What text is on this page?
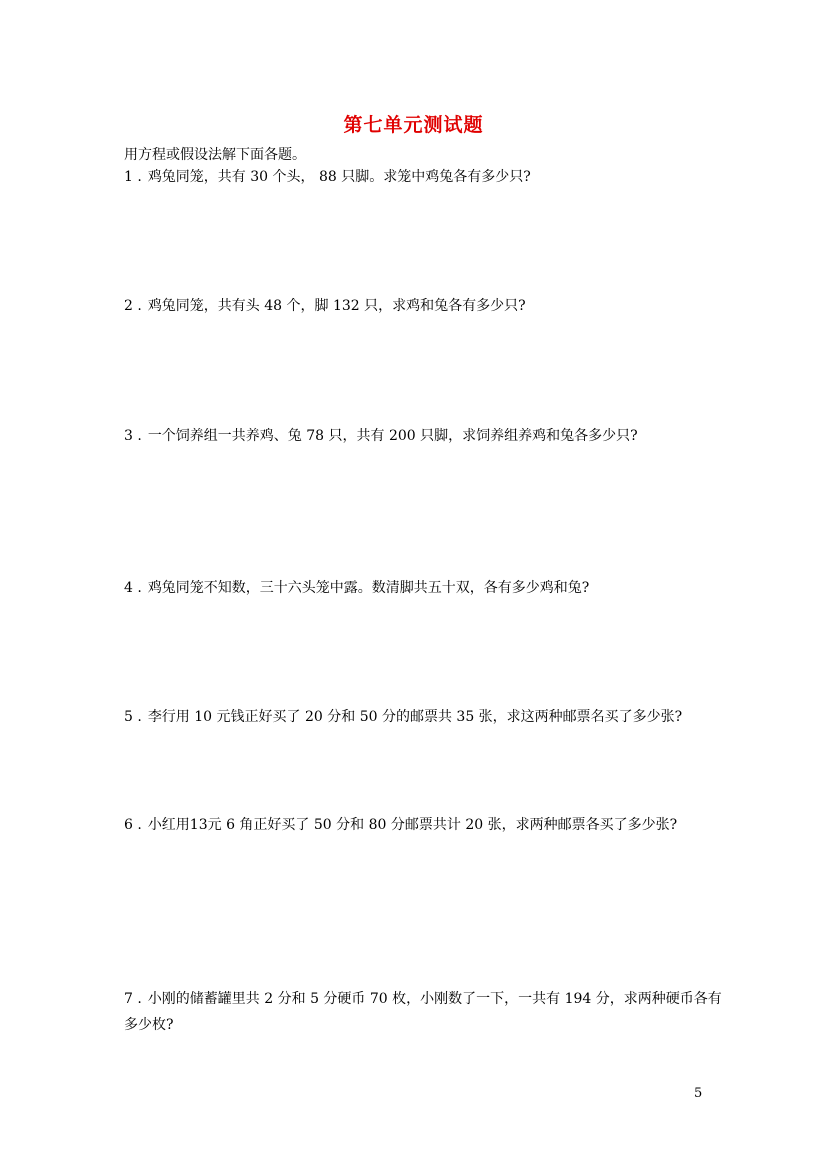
第七单元测试题

用方程或假设法解下面各题。

1 . 鸡兔同笼，共有 30 个头， 88 只脚。求笼中鸡兔各有多少只?

2 . 鸡兔同笼，共有头 48 个，脚 132 只，求鸡和兔各有多少只?

3 . 一个饲养组一共养鸡、兔 78 只，共有 200 只脚，求饲养组养鸡和兔各多少只?

4 . 鸡兔同笼不知数，三十六头笼中露。数清脚共五十双，各有多少鸡和兔?

5 . 李行用 10 元钱正好买了 20 分和 50 分的邮票共 35 张，求这两种邮票名买了多少张?

6 . 小红用13元 6 角正好买了 50 分和 80 分邮票共计 20 张，求两种邮票各买了多少张?

7 . 小刚的储蓄罐里共 2 分和 5 分硬币 70 枚，小刚数了一下，一共有 194 分，求两种硬币各有多少枚?

5
